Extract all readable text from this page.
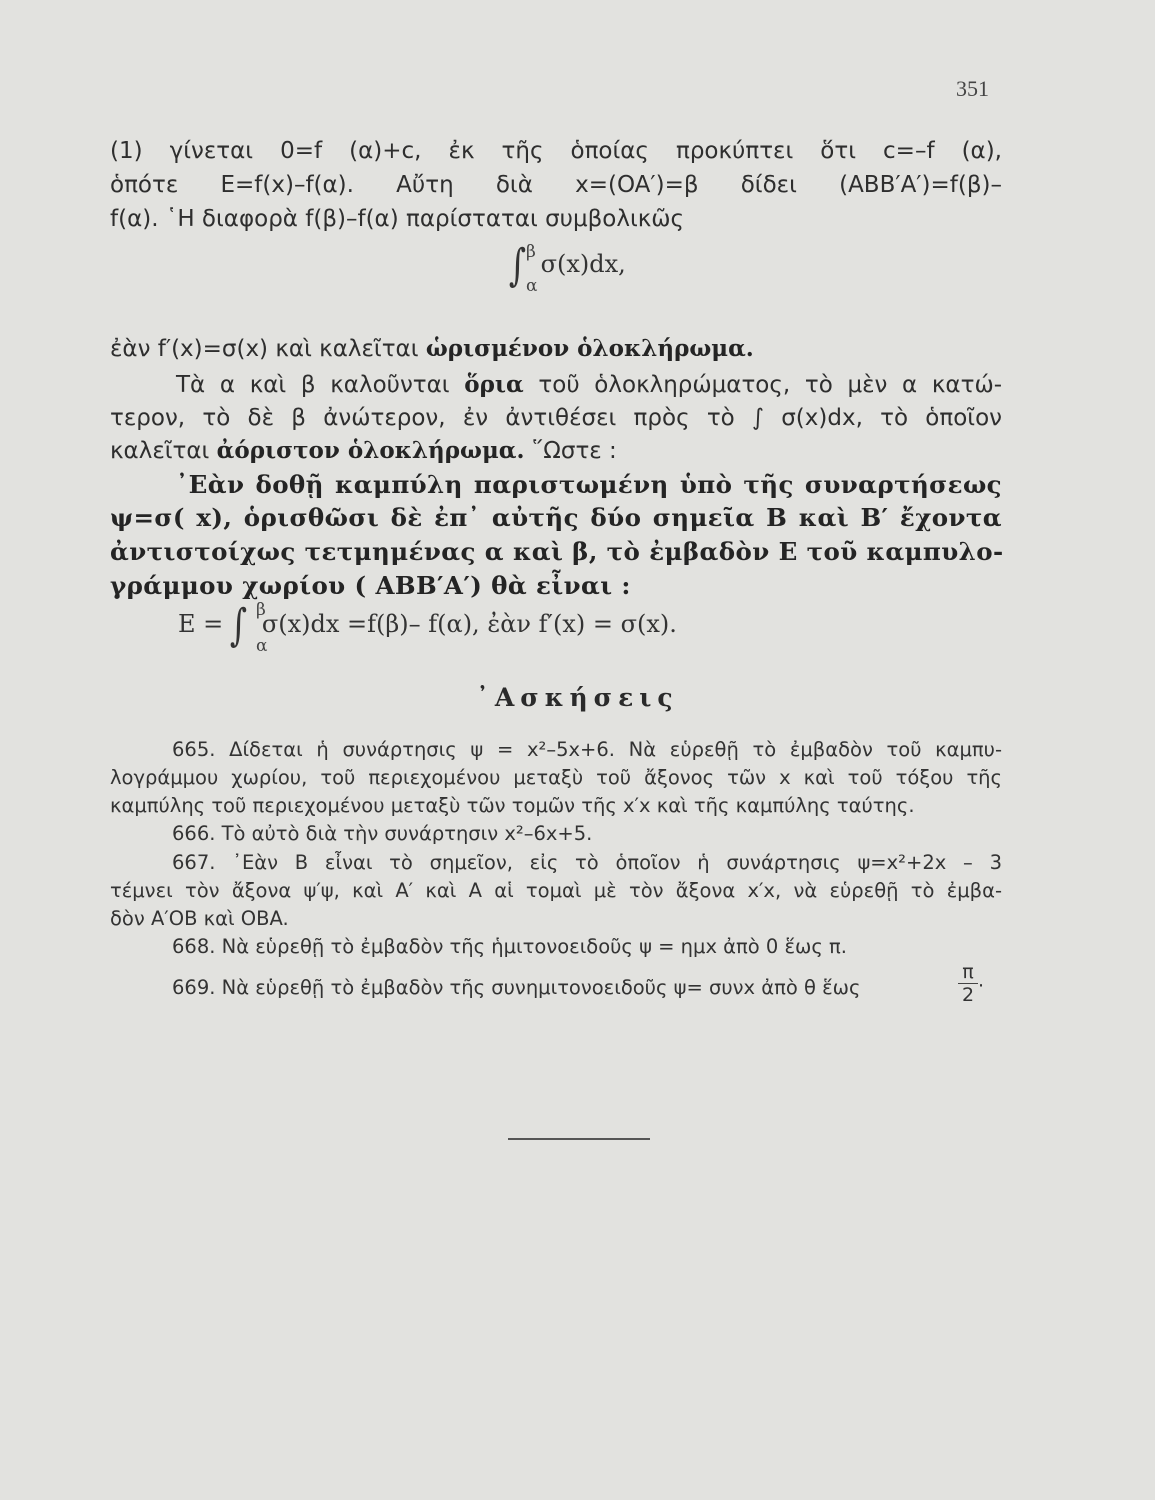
351
(1) γίνεται 0=f (α)+c, ἐκ τῆς ὁποίας προκύπτει ὅτι c=–f (α),
ὁπότε E=f(x)–f(α). Αὔτη διὰ x=(OA′)=β δίδει (ABB′A′)=f(β)–
f(α). ῾Η διαφορὰ f(β)–f(α) παρίσταται συμβολικῶς
∫ β
α
σ(x)dx,
ἐὰν f′(x)=σ(x) καὶ καλεῖται ὡρισμένον ὁλοκλήρωμα.
Τὰ α καὶ β καλοῦνται ὅρια τοῦ ὁλοκληρώματος, τὸ μὲν α κατώ-
τερον, τὸ δὲ β ἀνώτερον, ἐν ἀντιθέσει πρὸς τὸ ∫ σ(x)dx, τὸ ὁποῖον
καλεῖται ἀόριστον ὁλοκλήρωμα. ῞Ωστε :
᾿Εὰν δοθῇ καμπύλη παριστωμένη ὑπὸ τῆς συναρτήσεως
ψ=σ( x), ὁρισθῶσι δὲ ἐπ᾿ αὐτῆς δύο σημεῖα B καὶ B′ ἔχοντα
ἀντιστοίχως τετμημένας α καὶ β, τὸ ἐμβαδὸν E τοῦ καμπυλο-
γράμμου χωρίου ( ABB′A′) θὰ εἶναι :
E = ∫ β
α
σ(x)dx =f(β)– f(α), ἐὰν f′(x) = σ(x).
᾿Ασκήσεις
665. Δίδεται ἡ συνάρτησις ψ = x²–5x+6. Νὰ εὑρεθῇ τὸ ἐμβαδὸν τοῦ καμπυ-
λογράμμου χωρίου, τοῦ περιεχομένου μεταξὺ τοῦ ἄξονος τῶν x καὶ τοῦ τόξου τῆς
καμπύλης τοῦ περιεχομένου μεταξὺ τῶν τομῶν τῆς x′x καὶ τῆς καμπύλης ταύτης.
666. Τὸ αὐτὸ διὰ τὴν συνάρτησιν x²–6x+5.
667. ᾿Εὰν B εἶναι τὸ σημεῖον, εἰς τὸ ὁποῖον ἡ συνάρτησις ψ=x²+2x – 3
τέμνει τὸν ἄξονα ψ′ψ, καὶ A′ καὶ A αἱ τομαὶ μὲ τὸν ἄξονα x′x, νὰ εὑρεθῇ τὸ ἐμβα-
δὸν A′OB καὶ OBA.
668. Νὰ εὑρεθῇ τὸ ἐμβαδὸν τῆς ἡμιτονοειδοῦς ψ = ημx ἀπὸ 0 ἕως π.
669. Νὰ εὑρεθῇ τὸ ἐμβαδὸν τῆς συνημιτονοειδοῦς ψ= συνx ἀπὸ θ ἕως
π
2 ·
